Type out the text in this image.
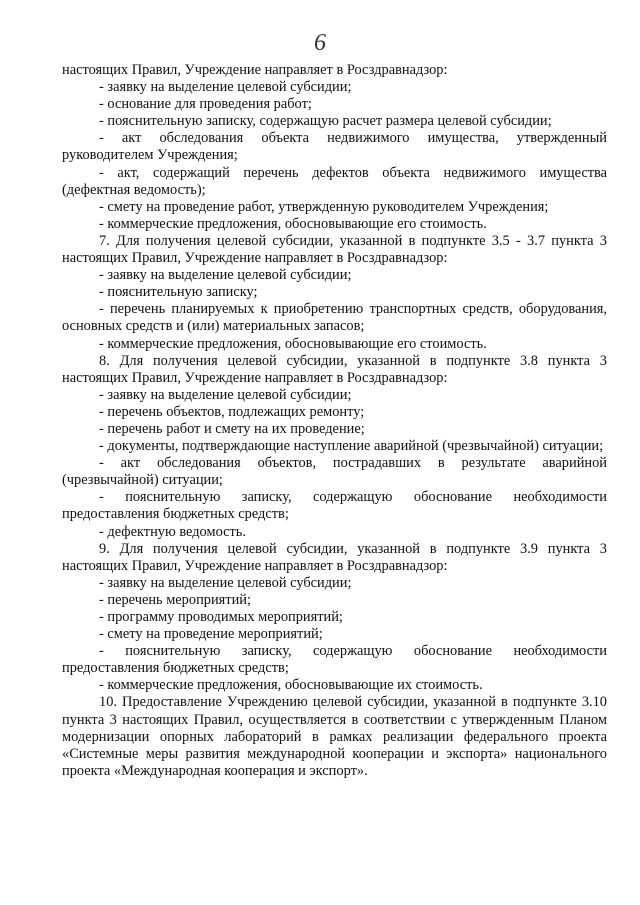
6

настоящих Правил, Учреждение направляет в Росздравнадзор:

- заявку на выделение целевой субсидии;

- основание для проведения работ;

- пояснительную записку, содержащую расчет размера целевой субсидии;

- акт обследования объекта недвижимого имущества, утвержденный руководителем Учреждения;

- акт, содержащий перечень дефектов объекта недвижимого имущества (дефектная ведомость);

- смету на проведение работ, утвержденную руководителем Учреждения;

- коммерческие предложения, обосновывающие его стоимость.

7. Для получения целевой субсидии, указанной в подпункте 3.5 - 3.7 пункта 3 настоящих Правил, Учреждение направляет в Росздравнадзор:

- заявку на выделение целевой субсидии;

- пояснительную записку;

- перечень планируемых к приобретению транспортных средств, оборудования, основных средств и (или) материальных запасов;

- коммерческие предложения, обосновывающие его стоимость.

8. Для получения целевой субсидии, указанной в подпункте 3.8 пункта 3 настоящих Правил, Учреждение направляет в Росздравнадзор:

- заявку на выделение целевой субсидии;

- перечень объектов, подлежащих ремонту;

- перечень работ и смету на их проведение;

- документы, подтверждающие наступление аварийной (чрезвычайной) ситуации;

- акт обследования объектов, пострадавших в результате аварийной (чрезвычайной) ситуации;

- пояснительную записку, содержащую обоснование необходимости предоставления бюджетных средств;

- дефектную ведомость.

9. Для получения целевой субсидии, указанной в подпункте 3.9 пункта 3 настоящих Правил, Учреждение направляет в Росздравнадзор:

- заявку на выделение целевой субсидии;

- перечень мероприятий;

- программу проводимых мероприятий;

- смету на проведение мероприятий;

- пояснительную записку, содержащую обоснование необходимости предоставления бюджетных средств;

- коммерческие предложения, обосновывающие их стоимость.

10. Предоставление Учреждению целевой субсидии, указанной в подпункте 3.10 пункта 3 настоящих Правил, осуществляется в соответствии с утвержденным Планом модернизации опорных лабораторий в рамках реализации федерального проекта «Системные меры развития международной кооперации и экспорта» национального проекта «Международная кооперация и экспорт».
